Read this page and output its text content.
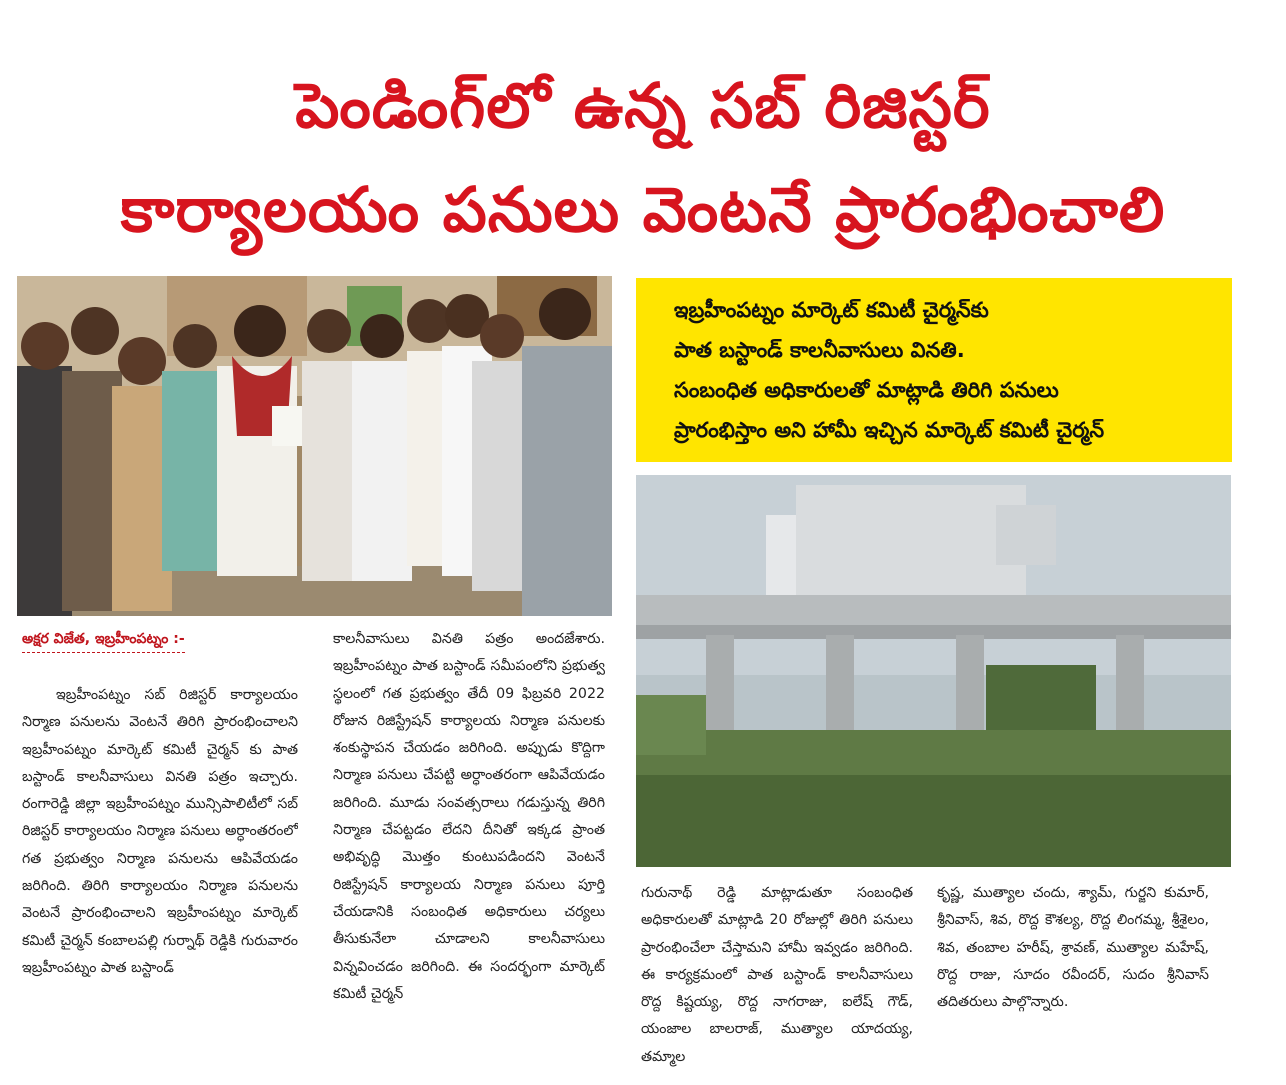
పెండింగ్‌లో ఉన్న సబ్ రిజిస్టర్
కార్యాలయం పనులు వెంటనే ప్రారంభించాలి
ఇబ్రహీంపట్నం మార్కెట్ కమిటీ చైర్మన్‌కు
పాత బస్టాండ్ కాలనీవాసులు వినతి.
సంబంధిత అధికారులతో మాట్లాడి తిరిగి పనులు
ప్రారంభిస్తాం అని హామీ ఇచ్చిన మార్కెట్ కమిటీ చైర్మన్
అక్షర విజేత, ఇబ్రహీంపట్నం :-
ఇబ్రహీంపట్నం సబ్ రిజిస్టర్ కార్యాలయం నిర్మాణ పనులను వెంటనే తిరిగి ప్రారంభించాలని ఇబ్రహీంపట్నం మార్కెట్ కమిటీ చైర్మన్ కు పాత బస్టాండ్ కాలనీవాసులు వినతి పత్రం ఇచ్చారు. రంగారెడ్డి జిల్లా ఇబ్రహీంపట్నం మున్సిపాలిటీలో సబ్ రిజిస్టర్ కార్యాలయం నిర్మాణ పనులు అర్ధాంతరంలో గత ప్రభుత్వం నిర్మాణ పనులను ఆపివేయడం జరిగింది. తిరిగి కార్యాలయం నిర్మాణ పనులను వెంటనే ప్రారంభించాలని ఇబ్రహీంపట్నం మార్కెట్ కమిటీ చైర్మన్ కంబాలపల్లి గుర్నాథ్ రెడ్డికి గురువారం ఇబ్రహీంపట్నం పాత బస్టాండ్
కాలనీవాసులు వినతి పత్రం అందజేశారు. ఇబ్రహీంపట్నం పాత బస్టాండ్ సమీపంలోని ప్రభుత్వ స్థలంలో గత ప్రభుత్వం తేదీ 09 ఫిబ్రవరి 2022 రోజున రిజిస్ట్రేషన్ కార్యాలయ నిర్మాణ పనులకు శంకుస్థాపన చేయడం జరిగింది. అప్పుడు కొద్దిగా నిర్మాణ పనులు చేపట్టి అర్ధాంతరంగా ఆపివేయడం జరిగింది. మూడు సంవత్సరాలు గడుస్తున్న తిరిగి నిర్మాణ చేపట్టడం లేదని దీనితో ఇక్కడ ప్రాంత అభివృద్ధి మొత్తం కుంటుపడిందని వెంటనే రిజిస్ట్రేషన్ కార్యాలయ నిర్మాణ పనులు పూర్తి చేయడానికి సంబంధిత అధికారులు చర్యలు తీసుకునేలా చూడాలని కాలనీవాసులు విన్నవించడం జరిగింది. ఈ సందర్భంగా మార్కెట్ కమిటీ చైర్మన్
గురునాథ్ రెడ్డి మాట్లాడుతూ సంబంధిత అధికారులతో మాట్లాడి 20 రోజుల్లో తిరిగి పనులు ప్రారంభించేలా చేస్తామని హామీ ఇవ్వడం జరిగింది. ఈ కార్యక్రమంలో పాత బస్టాండ్ కాలనీవాసులు రొద్ద కిష్టయ్య, రొద్ద నాగరాజు, ఐలేష్ గౌడ్, యంజాల బాలరాజ్, ముత్యాల యాదయ్య, తమ్మాల
కృష్ణ, ముత్యాల చందు, శ్యామ్, గుర్జని కుమార్, శ్రీనివాస్, శివ, రొద్ద కౌశల్య, రొద్ద లింగమ్మ, శ్రీశైలం, శివ, తంబాల హరీష్, శ్రావణ్, ముత్యాల మహేష్, రొద్ద రాజు, సూదం రవీందర్, సుదం శ్రీనివాస్ తదితరులు పాల్గొన్నారు.
